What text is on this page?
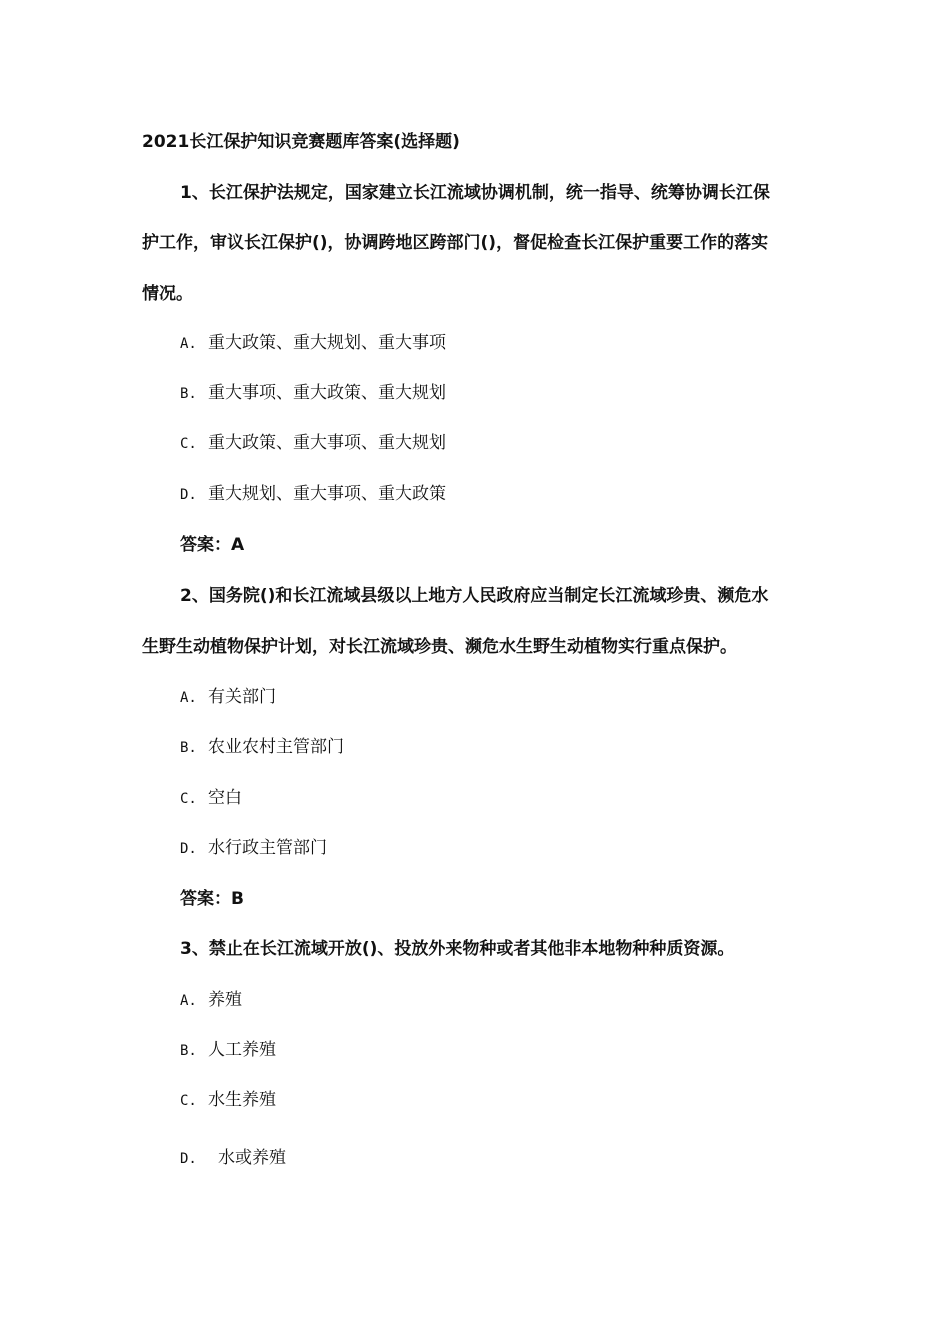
2021长江保护知识竞赛题库答案(选择题)
1、长江保护法规定，国家建立长江流域协调机制，统一指导、统筹协调长江保
护工作，审议长江保护()，协调跨地区跨部门()，督促检查长江保护重要工作的落实
情况。
A. 重大政策、重大规划、重大事项
B. 重大事项、重大政策、重大规划
C. 重大政策、重大事项、重大规划
D. 重大规划、重大事项、重大政策
答案：A
2、国务院()和长江流域县级以上地方人民政府应当制定长江流域珍贵、濒危水
生野生动植物保护计划，对长江流域珍贵、濒危水生野生动植物实行重点保护。
A. 有关部门
B. 农业农村主管部门
C. 空白
D. 水行政主管部门
答案：B
3、禁止在长江流域开放()、投放外来物种或者其他非本地物种种质资源。
A. 养殖
B. 人工养殖
C. 水生养殖
D. 水或养殖
